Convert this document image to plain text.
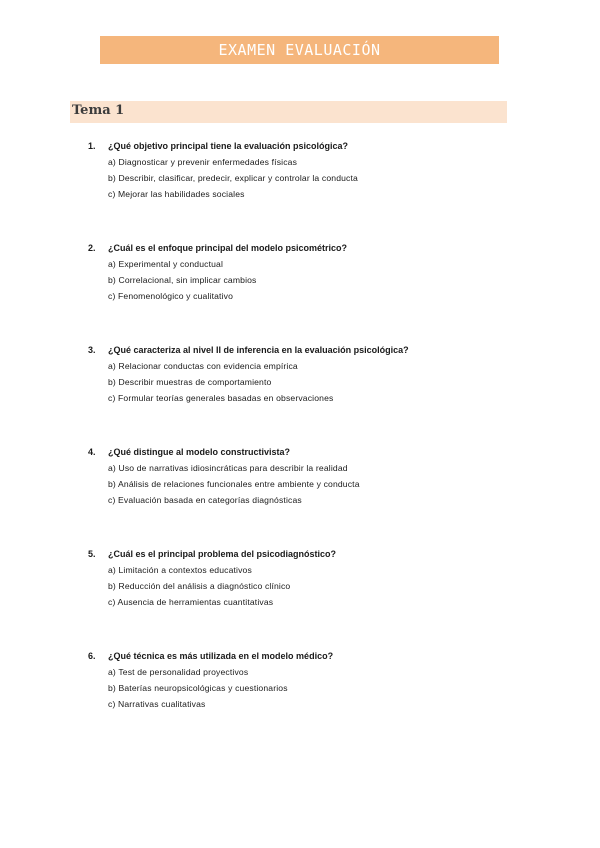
EXAMEN EVALUACIÓN
Tema 1
1. ¿Qué objetivo principal tiene la evaluación psicológica?
a) Diagnosticar y prevenir enfermedades físicas
b) Describir, clasificar, predecir, explicar y controlar la conducta
c) Mejorar las habilidades sociales
2. ¿Cuál es el enfoque principal del modelo psicométrico?
a) Experimental y conductual
b) Correlacional, sin implicar cambios
c) Fenomenológico y cualitativo
3. ¿Qué caracteriza al nivel II de inferencia en la evaluación psicológica?
a) Relacionar conductas con evidencia empírica
b) Describir muestras de comportamiento
c) Formular teorías generales basadas en observaciones
4. ¿Qué distingue al modelo constructivista?
a) Uso de narrativas idiosincráticas para describir la realidad
b) Análisis de relaciones funcionales entre ambiente y conducta
c) Evaluación basada en categorías diagnósticas
5. ¿Cuál es el principal problema del psicodiagnóstico?
a) Limitación a contextos educativos
b) Reducción del análisis a diagnóstico clínico
c) Ausencia de herramientas cuantitativas
6. ¿Qué técnica es más utilizada en el modelo médico?
a) Test de personalidad proyectivos
b) Baterías neuropsicológicas y cuestionarios
c) Narrativas cualitativas
